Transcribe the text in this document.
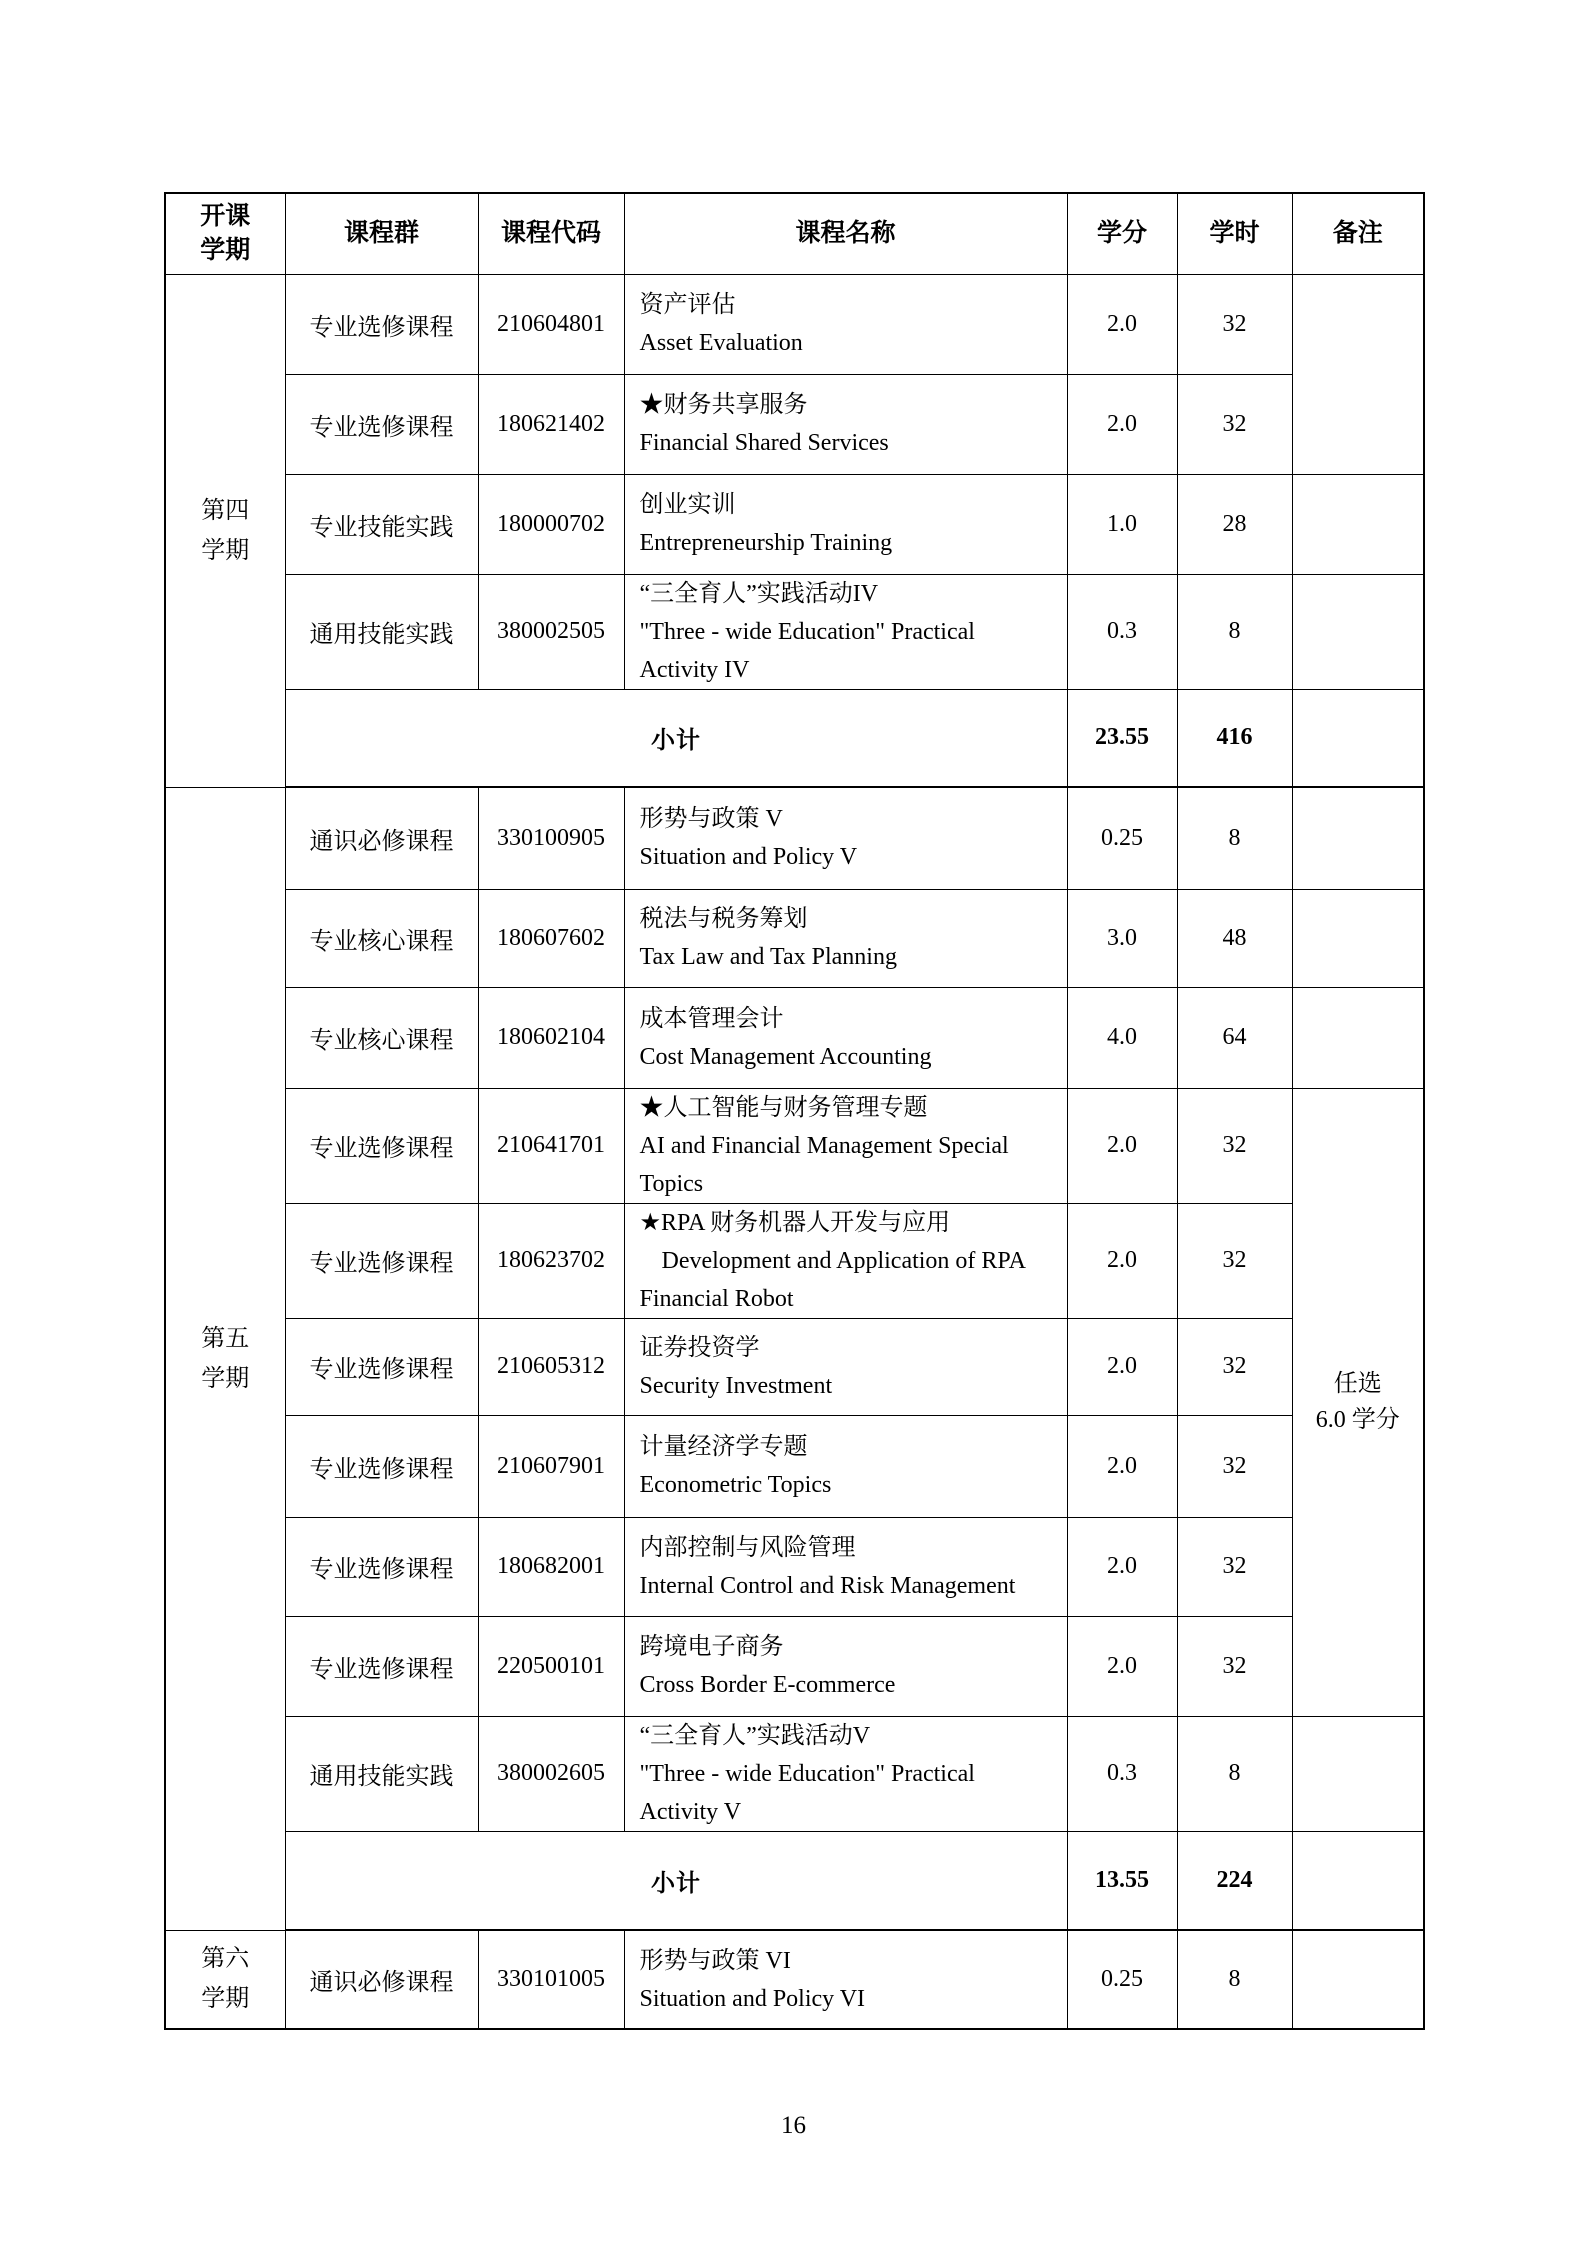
开课
学期	课程群	课程代码	课程名称	学分	学时	备注

第四
学期
	专业选修课程	210604801	
资产评估
Asset Evaluation
	2.0	32	
	专业选修课程	180621402	★财务共享服务
Financial Shared Services	2.0	32	
	专业技能实践	180000702	创业实训
Entrepreneurship Training	1.0	28	
	通用技能实践	380002505	“三全育人”实践活动IV
"Three - wide Education" Practical
Activity IV	0.3	8	
	小计			23.55	416	

第五
学期
	通识必修课程	330100905	
形势与政策 V
Situation and Policy V
	0.25	8	
	专业核心课程	180607602	税法与税务筹划
Tax Law and Tax Planning	3.0	48	
	专业核心课程	180602104	成本管理会计
Cost Management Accounting	4.0	64	
专业选修课程	210641701	
★人工智能与财务管理专题
AI and Financial Management Special
Topics
	2.0	32	
任选
6.0 学分

	专业选修课程	180623702	★RPA 财务机器人开发与应用
Development and Application of RPA
Financial Robot	2.0	32	
	专业选修课程	210605312	证券投资学
Security Investment	2.0	32	
	专业选修课程	210607901	计量经济学专题
Econometric Topics	2.0	32	
	专业选修课程	180682001	内部控制与风险管理
Internal Control and Risk Management	2.0	32	
	专业选修课程	220500101	跨境电子商务
Cross Border E-commerce	2.0	32	
	通用技能实践	380002605	“三全育人”实践活动V
"Three - wide Education" Practical
Activity V	0.3	8	
	小计			13.55	224	

第六
学期
	通识必修课程	330101005	
形势与政策 VI
Situation and Policy VI
	0.25	8	
16
